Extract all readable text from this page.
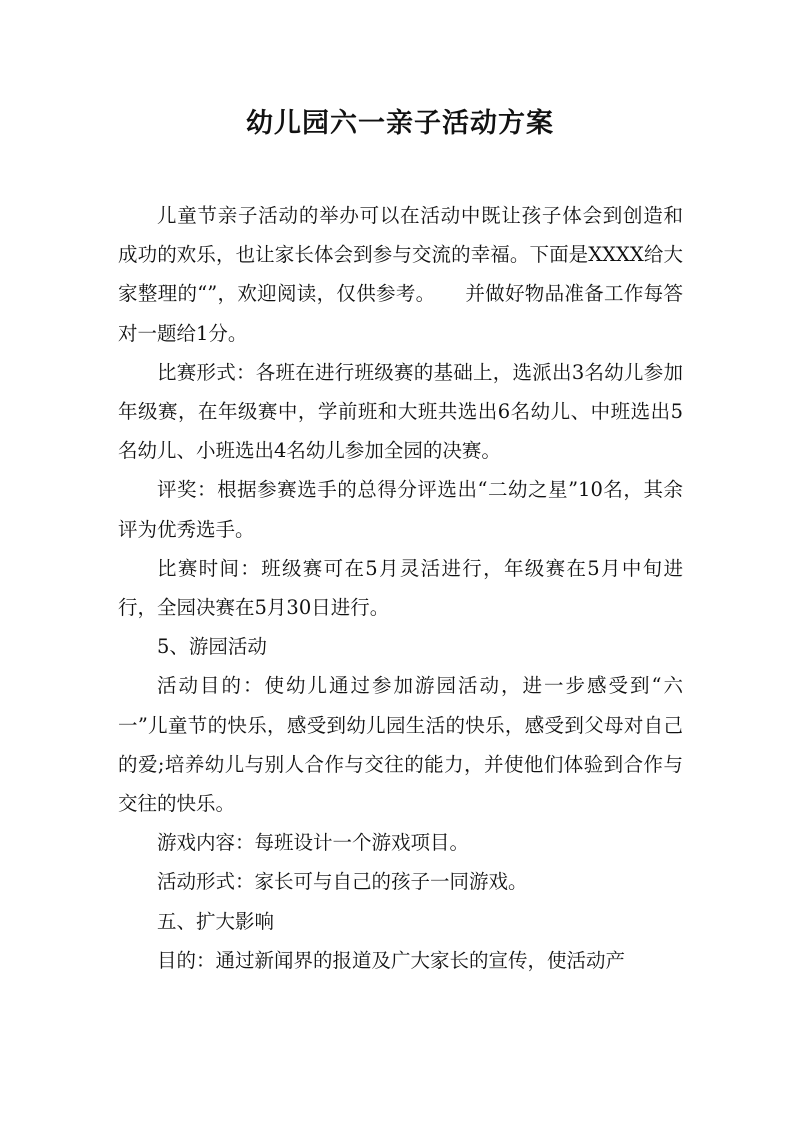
幼儿园六一亲子活动方案

儿童节亲子活动的举办可以在活动中既让孩子体会到创造和成功的欢乐，也让家长体会到参与交流的幸福。下面是XXXX给大家整理的“”，欢迎阅读，仅供参考。　　并做好物品准备工作每答对一题给1分。

比赛形式：各班在进行班级赛的基础上，选派出3名幼儿参加年级赛，在年级赛中，学前班和大班共选出6名幼儿、中班选出5名幼儿、小班选出4名幼儿参加全园的决赛。

评奖：根据参赛选手的总得分评选出“二幼之星”10名，其余评为优秀选手。

比赛时间：班级赛可在5月灵活进行，年级赛在5月中旬进行，全园决赛在5月30日进行。

5、游园活动

活动目的：使幼儿通过参加游园活动，进一步感受到“六一”儿童节的快乐，感受到幼儿园生活的快乐，感受到父母对自己的爱;培养幼儿与别人合作与交往的能力，并使他们体验到合作与交往的快乐。

游戏内容：每班设计一个游戏项目。

活动形式：家长可与自己的孩子一同游戏。

五、扩大影响

目的：通过新闻界的报道及广大家长的宣传，使活动产
